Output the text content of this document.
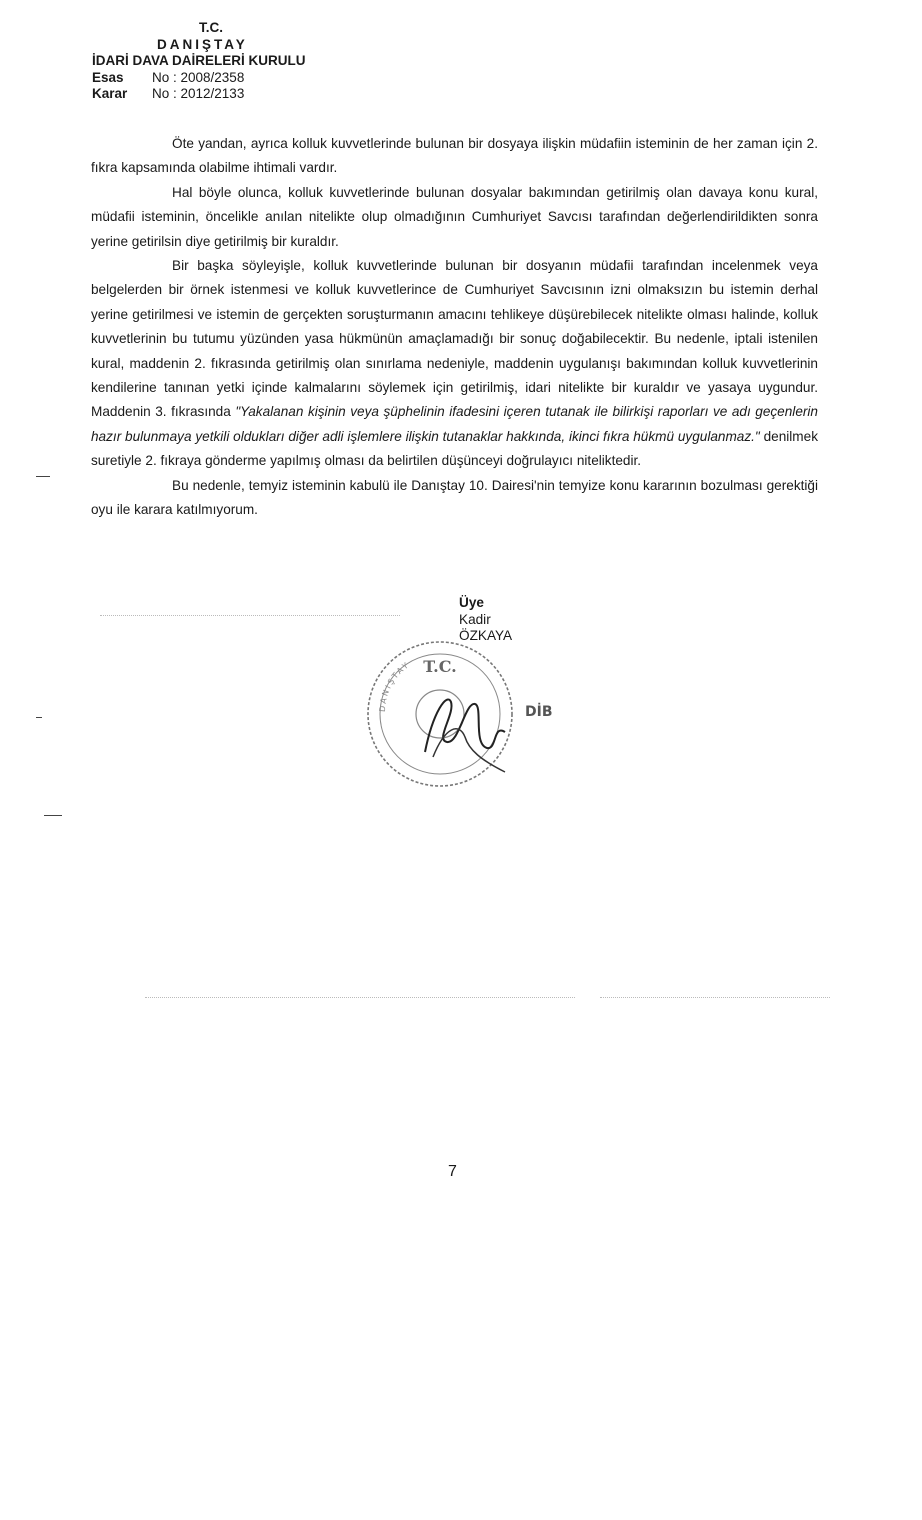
T.C.
DANIŞTAY
İDARİ DAVA DAİRELERİ KURULU
Esas No : 2008/2358
Karar No : 2012/2133

Öte yandan, ayrıca kolluk kuvvetlerinde bulunan bir dosyaya ilişkin müdafiin isteminin de her zaman için 2. fıkra kapsamında olabilme ihtimali vardır.

Hal böyle olunca, kolluk kuvvetlerinde bulunan dosyalar bakımından getirilmiş olan davaya konu kural, müdafii isteminin, öncelikle anılan nitelikte olup olmadığının Cumhuriyet Savcısı tarafından değerlendirildikten sonra yerine getirilsin diye getirilmiş bir kuraldır.

Bir başka söyleyişle, kolluk kuvvetlerinde bulunan bir dosyanın müdafii tarafından incelenmek veya belgelerden bir örnek istenmesi ve kolluk kuvvetlerince de Cumhuriyet Savcısının izni olmaksızın bu istemin derhal yerine getirilmesi ve istemin de gerçekten soruşturmanın amacını tehlikeye düşürebilecek nitelikte olması halinde, kolluk kuvvetlerinin bu tutumu yüzünden yasa hükmünün amaçlamadığı bir sonuç doğabilecektir. Bu nedenle, iptali istenilen kural, maddenin 2. fıkrasında getirilmiş olan sınırlama nedeniyle, maddenin uygulanışı bakımından kolluk kuvvetlerinin kendilerine tanınan yetki içinde kalmalarını söylemek için getirilmiş, idari nitelikte bir kuraldır ve yasaya uygundur. Maddenin 3. fıkrasında "Yakalanan kişinin veya şüphelinin ifadesini içeren tutanak ile bilirkişi raporları ve adı geçenlerin hazır bulunmaya yetkili oldukları diğer adli işlemlere ilişkin tutanaklar hakkında, ikinci fıkra hükmü uygulanmaz." denilmek suretiyle 2. fıkraya gönderme yapılmış olması da belirtilen düşünceyi doğrulayıcı niteliktedir.

Bu nedenle, temyiz isteminin kabulü ile Danıştay 10. Dairesi'nin temyize konu kararının bozulması gerektiği oyu ile karara katılmıyorum.

Üye
Kadir
ÖZKAYA
T.C.
DİB
DANIŞTAY
7
